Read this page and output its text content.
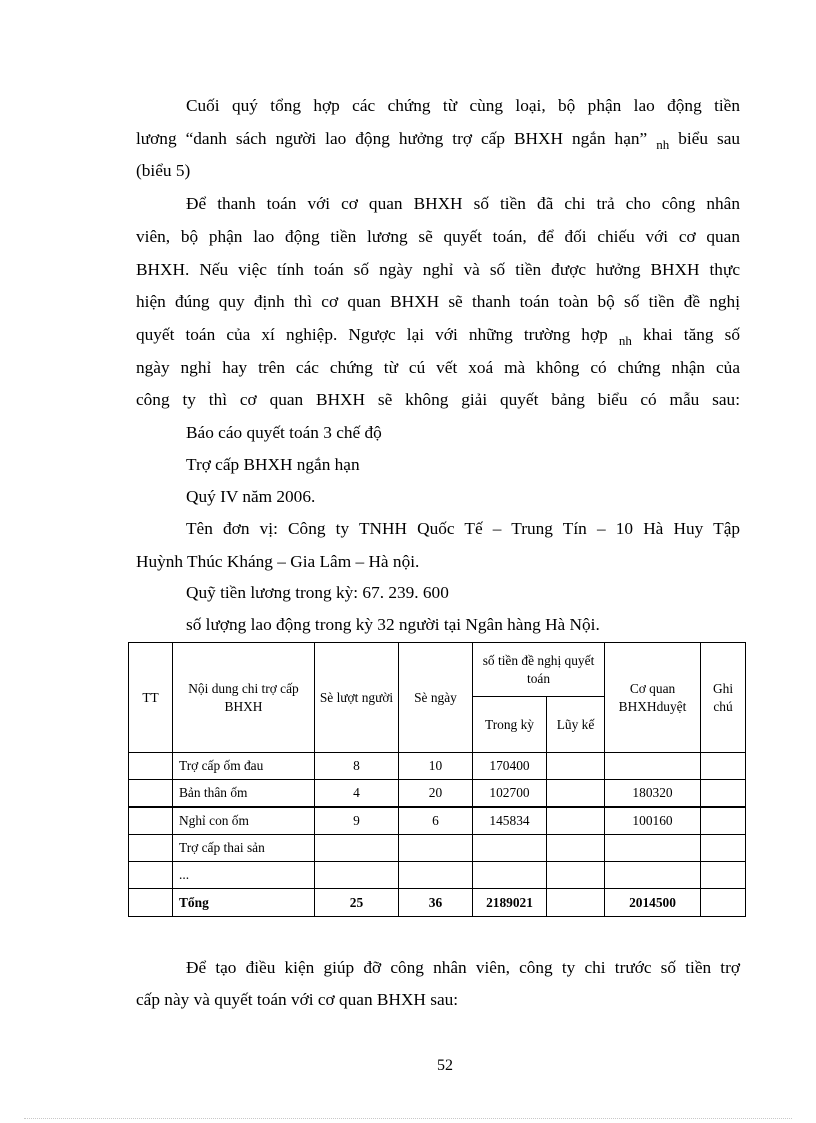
Cuối quý tổng hợp các chứng từ cùng loại, bộ phận lao động tiền
lương “danh sách người lao động hưởng trợ cấp BHXH ngắn hạn” $_{nh}$ biểu sau
(biểu 5)
Để thanh toán với cơ quan BHXH số tiền đã chi trả cho công nhân
viên, bộ phận lao động tiền lương sẽ quyết toán, để đối chiếu với cơ quan
BHXH. Nếu việc tính toán số ngày nghỉ và số tiền được hưởng BHXH thực
hiện đúng quy định thì cơ quan BHXH sẽ thanh toán toàn bộ số tiền đề nghị
quyết toán của xí nghiệp. Ngược lại với những trường hợp $_{nh}$ khai tăng số
ngày nghỉ hay trên các chứng từ cú vết xoá mà không có chứng nhận của
công ty thì cơ quan BHXH sẽ không giải quyết bảng biểu có mẫu sau:
Báo cáo quyết toán 3 chế độ
Trợ cấp BHXH ngắn hạn
Quý IV năm 2006.
Tên đơn vị: Công ty TNHH Quốc Tế – Trung Tín – 10 Hà Huy Tập
Huỳnh Thúc Kháng – Gia Lâm – Hà nội.
Quỹ tiền lương trong kỳ: 67. 239. 600
số lượng lao động trong kỳ 32 người tại Ngân hàng Hà Nội.
TT	Nội dung chi trợ cấp BHXH	Sè lượt người	Sè ngày	số tiền đề nghị quyết toán		Cơ quan BHXHduyệt	Ghi chú
				Trong kỳ	Lũy kế		
	Trợ cấp ốm đau	8	10	170400			
	Bản thân ốm	4	20	102700		180320	
	Nghỉ con ốm	9	6	145834		100160	
	Trợ cấp thai sản						
	...						
	Tổng	25	36	2189021		2014500	
Để tạo điều kiện giúp đỡ công nhân viên, công ty chi trước số tiền trợ
cấp này và quyết toán với cơ quan BHXH sau:
52
